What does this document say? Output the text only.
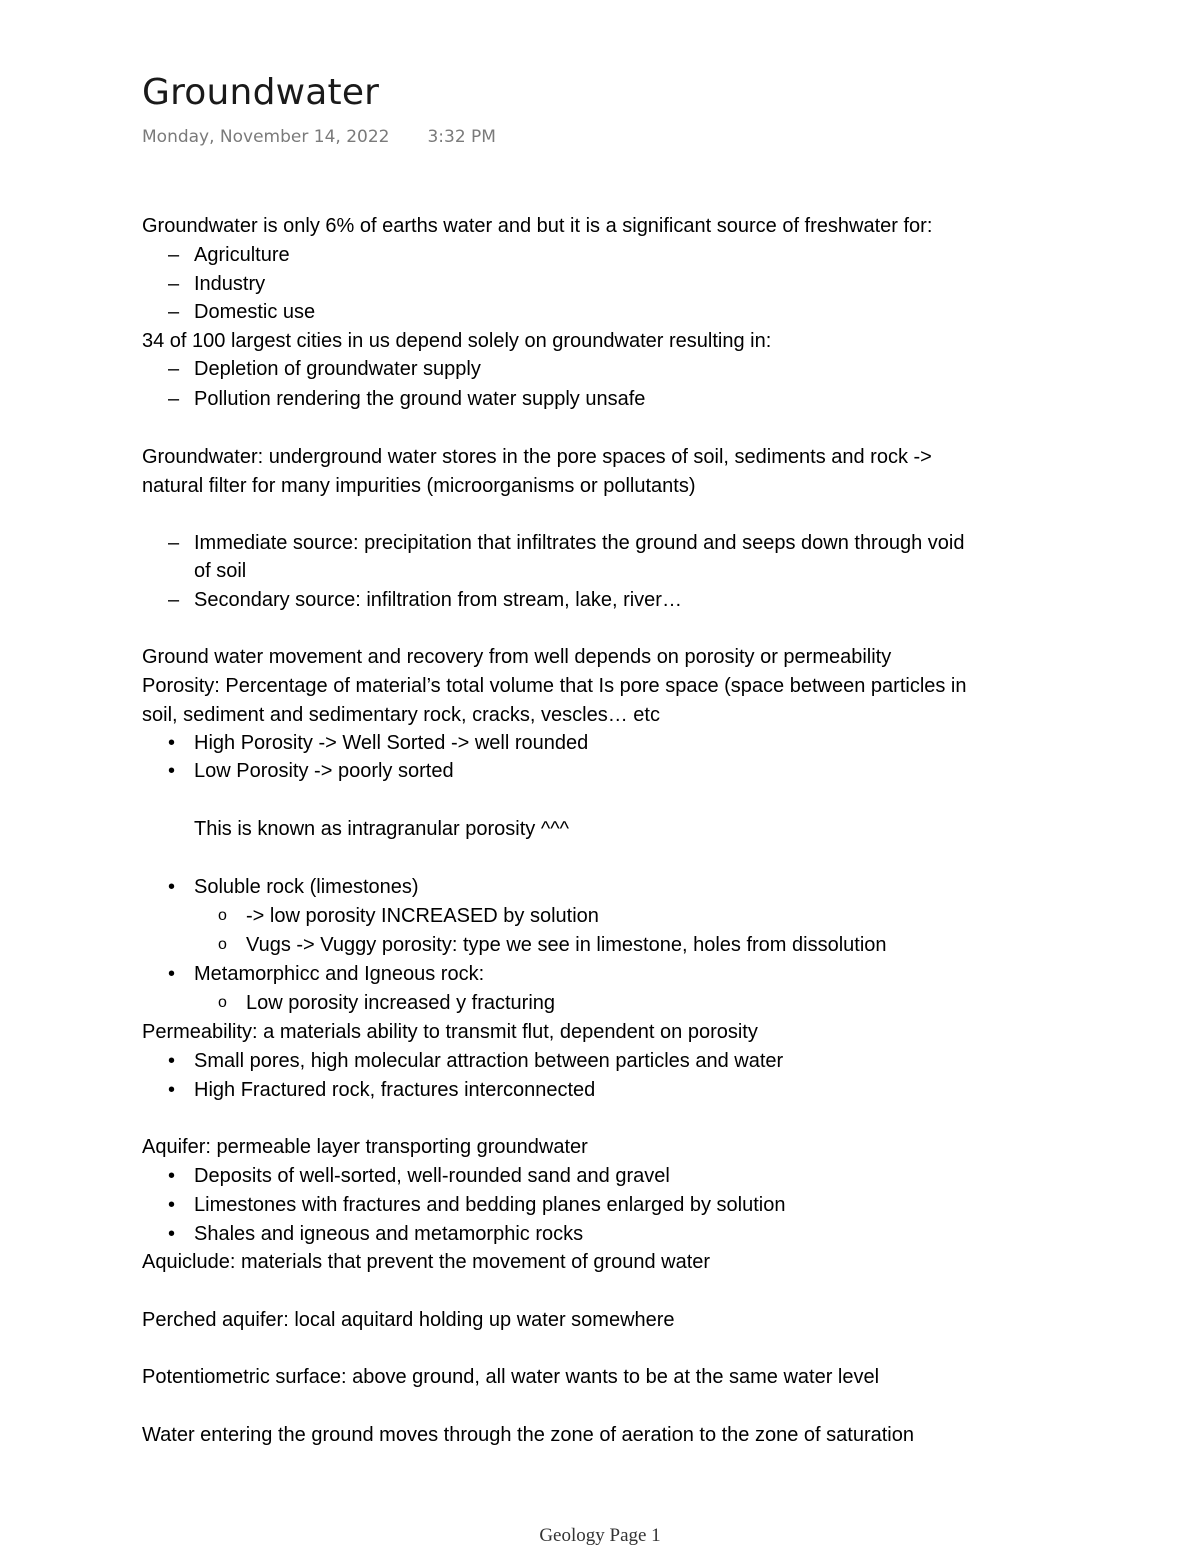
Groundwater
Monday, November 14, 2022 3:32 PM
Groundwater is only 6% of earths water and but it is a significant source of freshwater for:
– Agriculture
– Industry
– Domestic use
34 of 100 largest cities in us depend solely on groundwater resulting in:
– Depletion of groundwater supply
– Pollution rendering the ground water supply unsafe
Groundwater: underground water stores in the pore spaces of soil, sediments and rock ->
natural filter for many impurities (microorganisms or pollutants)
– Immediate source: precipitation that infiltrates the ground and seeps down through void
of soil
– Secondary source: infiltration from stream, lake, river…
Ground water movement and recovery from well depends on porosity or permeability
Porosity: Percentage of material’s total volume that Is pore space (space between particles in
soil, sediment and sedimentary rock, cracks, vescles… etc
• High Porosity -> Well Sorted -> well rounded
• Low Porosity -> poorly sorted
This is known as intragranular porosity ^^^
• Soluble rock (limestones)
o -> low porosity INCREASED by solution
o Vugs -> Vuggy porosity: type we see in limestone, holes from dissolution
• Metamorphicc and Igneous rock:
o Low porosity increased y fracturing
Permeability: a materials ability to transmit flut, dependent on porosity
• Small pores, high molecular attraction between particles and water
• High Fractured rock, fractures interconnected
Aquifer: permeable layer transporting groundwater
• Deposits of well-sorted, well-rounded sand and gravel
• Limestones with fractures and bedding planes enlarged by solution
• Shales and igneous and metamorphic rocks
Aquiclude: materials that prevent the movement of ground water
Perched aquifer: local aquitard holding up water somewhere
Potentiometric surface: above ground, all water wants to be at the same water level
Water entering the ground moves through the zone of aeration to the zone of saturation
Geology Page 1
